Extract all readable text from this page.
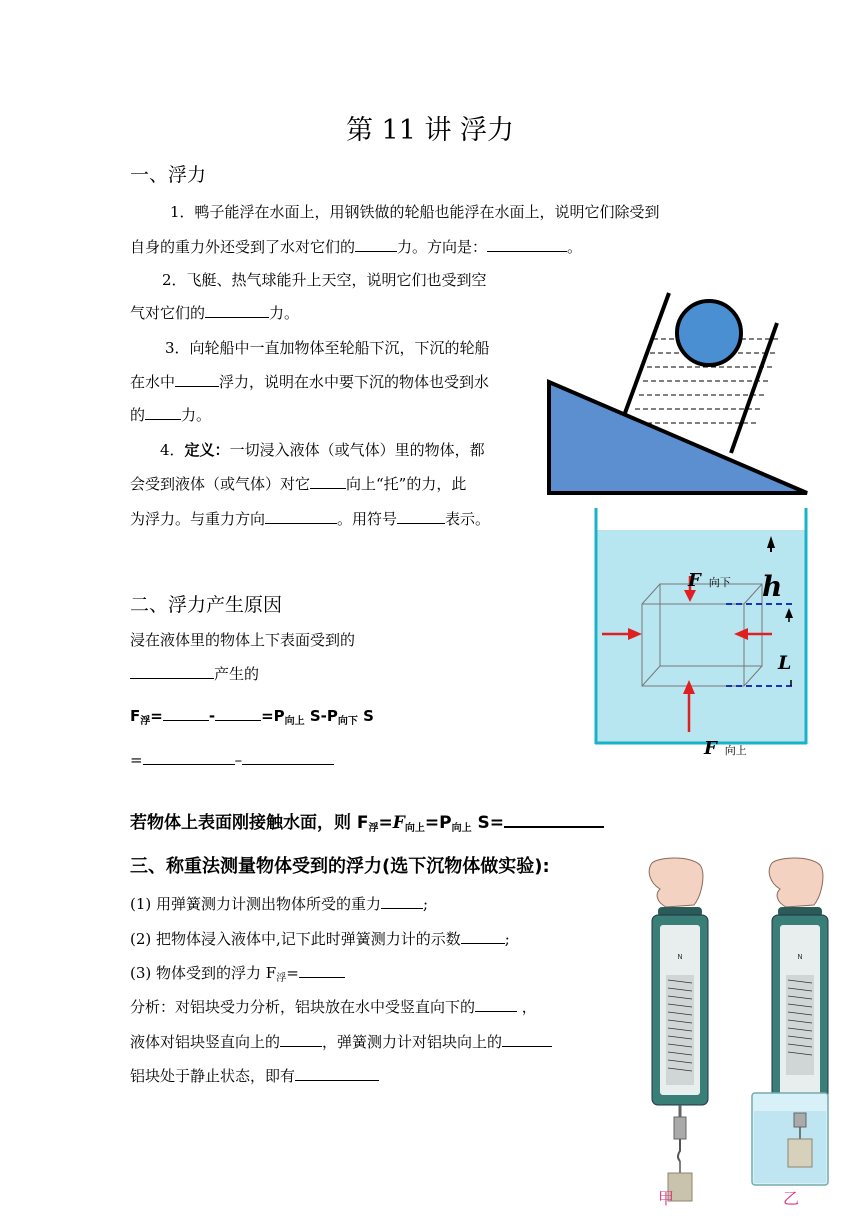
第 11 讲 浮力
一、浮力
1．鸭子能浮在水面上，用钢铁做的轮船也能浮在水面上，说明它们除受到
自身的重力外还受到了水对它们的	力。方向是：	。
2．飞艇、热气球能升上天空，说明它们也受到空
气对它们的	力。
3．向轮船中一直加物体至轮船下沉，下沉的轮船
在水中	浮力，说明在水中要下沉的物体也受到水
的 力。
4．定义：一切浸入液体（或气体）里的物体，都
会受到液体（或气体）对它 向上“托”的力，此
为浮力。与重力方向	。用符号	表示。
二、浮力产生原因
浸在液体里的物体上下表面受到的
产生的
$F_浮=$	-	$=P_{向上}$ $S-P_{向下}$ S
=	–
F向下 h
L
F向上
若物体上表面刚接触水面，则 $F_浮=F_{向上}=P_{向上}$ S=
三、称重法测量物体受到的浮力(选下沉物体做实验):
(1) 用弹簧测力计测出物体所受的重力	;
(2) 把物体浸入液体中,记下此时弹簧测力计的示数	;
(3) 物体受到的浮力 $F_浮=$
分析：对铝块受力分析，铝块放在水中受竖直向下的	，
液体对铝块竖直向上的	，弹簧测力计对铝块向上的
铝块处于静止状态，即有
N	N
甲	乙
